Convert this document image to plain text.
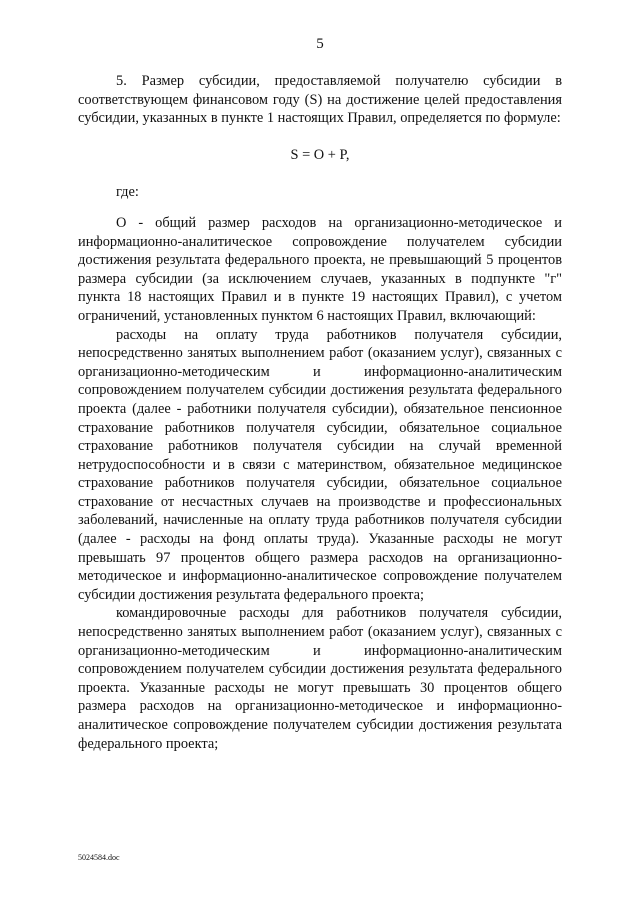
5

5. Размер субсидии, предоставляемой получателю субсидии в соответствующем финансовом году (S) на достижение целей предоставления субсидии, указанных в пункте 1 настоящих Правил, определяется по формуле:

S = O + P,

где:

O - общий размер расходов на организационно-методическое и информационно-аналитическое сопровождение получателем субсидии достижения результата федерального проекта, не превышающий 5 процентов размера субсидии (за исключением случаев, указанных в подпункте "г" пункта 18 настоящих Правил и в пункте 19 настоящих Правил), с учетом ограничений, установленных пунктом 6 настоящих Правил, включающий:

расходы на оплату труда работников получателя субсидии, непосредственно занятых выполнением работ (оказанием услуг), связанных с организационно-методическим и информационно-аналитическим сопровождением получателем субсидии достижения результата федерального проекта (далее - работники получателя субсидии), обязательное пенсионное страхование работников получателя субсидии, обязательное социальное страхование работников получателя субсидии на случай временной нетрудоспособности и в связи с материнством, обязательное медицинское страхование работников получателя субсидии, обязательное социальное страхование от несчастных случаев на производстве и профессиональных заболеваний, начисленные на оплату труда работников получателя субсидии (далее - расходы на фонд оплаты труда). Указанные расходы не могут превышать 97 процентов общего размера расходов на организационно-методическое и информационно-аналитическое сопровождение получателем субсидии достижения результата федерального проекта;

командировочные расходы для работников получателя субсидии, непосредственно занятых выполнением работ (оказанием услуг), связанных с организационно-методическим и информационно-аналитическим сопровождением получателем субсидии достижения результата федерального проекта. Указанные расходы не могут превышать 30 процентов общего размера расходов на организационно-методическое и информационно-аналитическое сопровождение получателем субсидии достижения результата федерального проекта;

5024584.doc
